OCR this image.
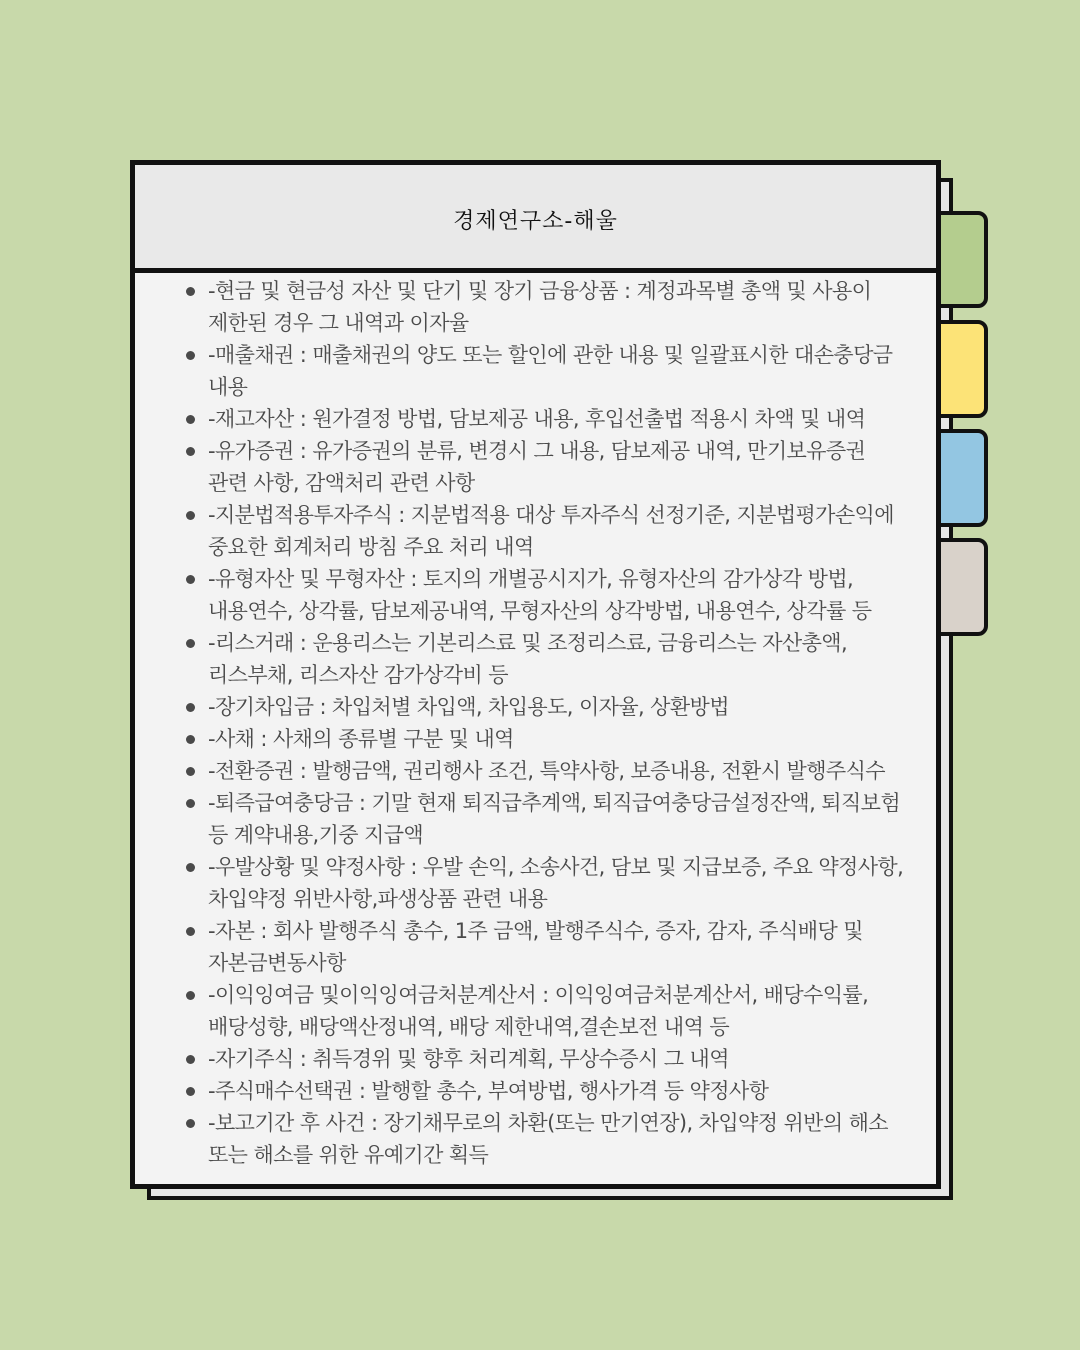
경제연구소-해울
-현금 및 현금성 자산 및 단기 및 장기 금융상품 : 계정과목별 총액 및 사용이 제한된 경우 그 내역과 이자율
-매출채권 : 매출채권의 양도 또는 할인에 관한 내용 및 일괄표시한 대손충당금 내용
-재고자산 : 원가결정 방법, 담보제공 내용, 후입선출법 적용시 차액 및 내역
-유가증권 : 유가증권의 분류, 변경시 그 내용, 담보제공 내역, 만기보유증권 관련 사항, 감액처리 관련 사항
-지분법적용투자주식 : 지분법적용 대상 투자주식 선정기준, 지분법평가손익에 중요한 회계처리 방침 주요 처리 내역
-유형자산 및 무형자산 : 토지의 개별공시지가, 유형자산의 감가상각 방법, 내용연수, 상각률, 담보제공내역, 무형자산의 상각방법, 내용연수, 상각률 등
-리스거래 : 운용리스는 기본리스료 및 조정리스료, 금융리스는 자산총액, 리스부채, 리스자산 감가상각비 등
-장기차입금 : 차입처별 차입액, 차입용도, 이자율, 상환방법
-사채 : 사채의 종류별 구분 및 내역
-전환증권 : 발행금액, 권리행사 조건, 특약사항, 보증내용, 전환시 발행주식수
-퇴즉급여충당금 : 기말 현재 퇴직급추계액, 퇴직급여충당금설정잔액, 퇴직보험 등 계약내용,기중 지급액
-우발상황 및 약정사항 : 우발 손익, 소송사건, 담보 및 지급보증, 주요 약정사항, 차입약정 위반사항,파생상품 관련 내용
-자본 : 회사 발행주식 총수, 1주 금액, 발행주식수, 증자, 감자, 주식배당 및 자본금변동사항
-이익잉여금 및이익잉여금처분계산서 : 이익잉여금처분계산서, 배당수익률, 배당성향, 배당액산정내역, 배당 제한내역,결손보전 내역 등
-자기주식 : 취득경위 및 향후 처리계획, 무상수증시 그 내역
-주식매수선택권 : 발행할 총수, 부여방법, 행사가격 등 약정사항
-보고기간 후 사건 : 장기채무로의 차환(또는 만기연장), 차입약정 위반의 해소 또는 해소를 위한 유예기간 획득
